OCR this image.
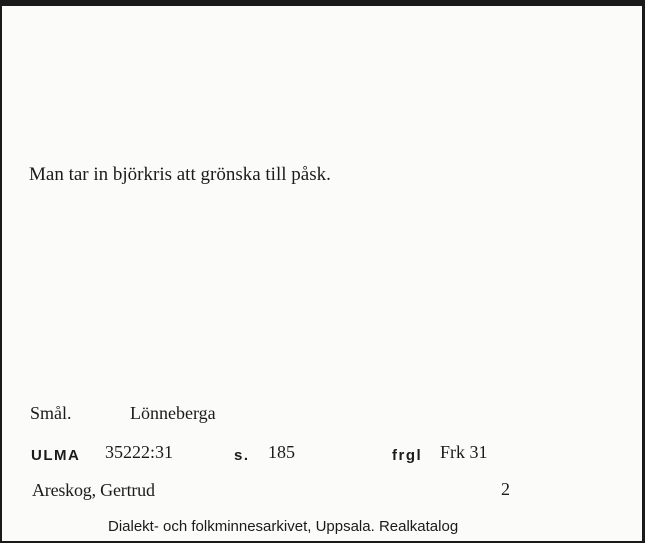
Man tar in björkris att grönska till påsk.
Smål.	Lönneberga
ULMA 35222:31	s. 185	frgl Frk 31
Areskog, Gertrud	2
Dialekt- och folkminnesarkivet, Uppsala. Realkatalog
